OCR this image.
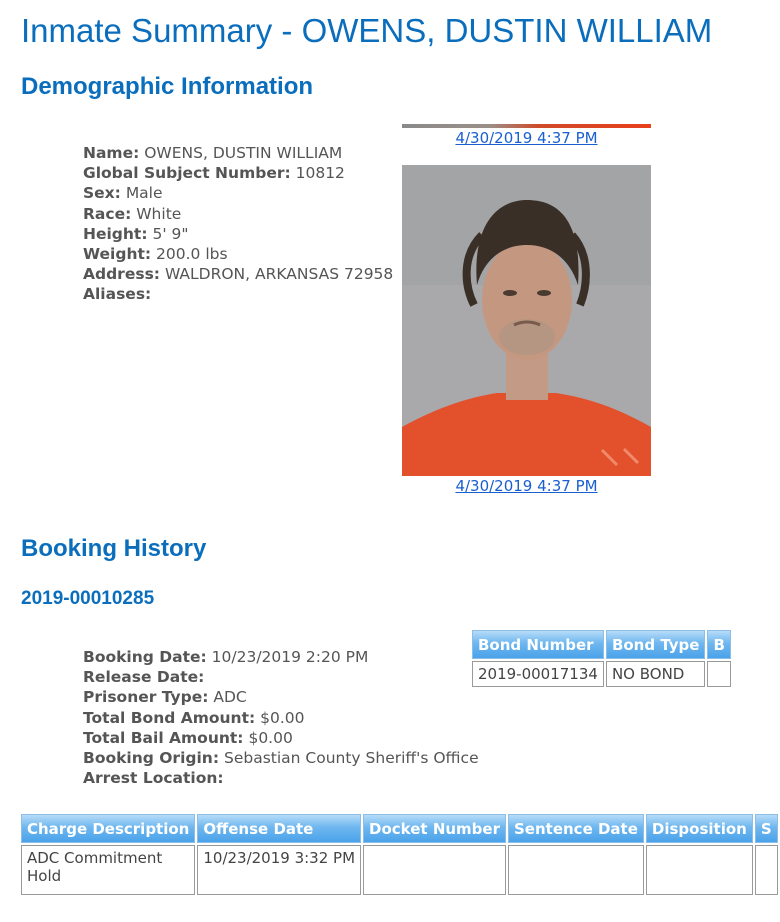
Inmate Summary - OWENS, DUSTIN WILLIAM
Demographic Information
Name: OWENS, DUSTIN WILLIAM
Global Subject Number: 10812
Sex: Male
Race: White
Height: 5' 9"
Weight: 200.0 lbs
Address: WALDRON, ARKANSAS 72958
Aliases:
4/30/2019 4:37 PM
4/30/2019 4:37 PM
Booking History
2019-00010285
Booking Date: 10/23/2019 2:20 PM
Release Date:
Prisoner Type: ADC
Total Bond Amount: $0.00
Total Bail Amount: $0.00
Booking Origin: Sebastian County Sheriff's Office
Arrest Location:
Bond Number	Bond Type	B
2019-00017134	NO BOND	
Charge Description	Offense Date	Docket Number	Sentence Date	Disposition	S

ADC Commitment
Hold	10/23/2019 3:32 PM				
